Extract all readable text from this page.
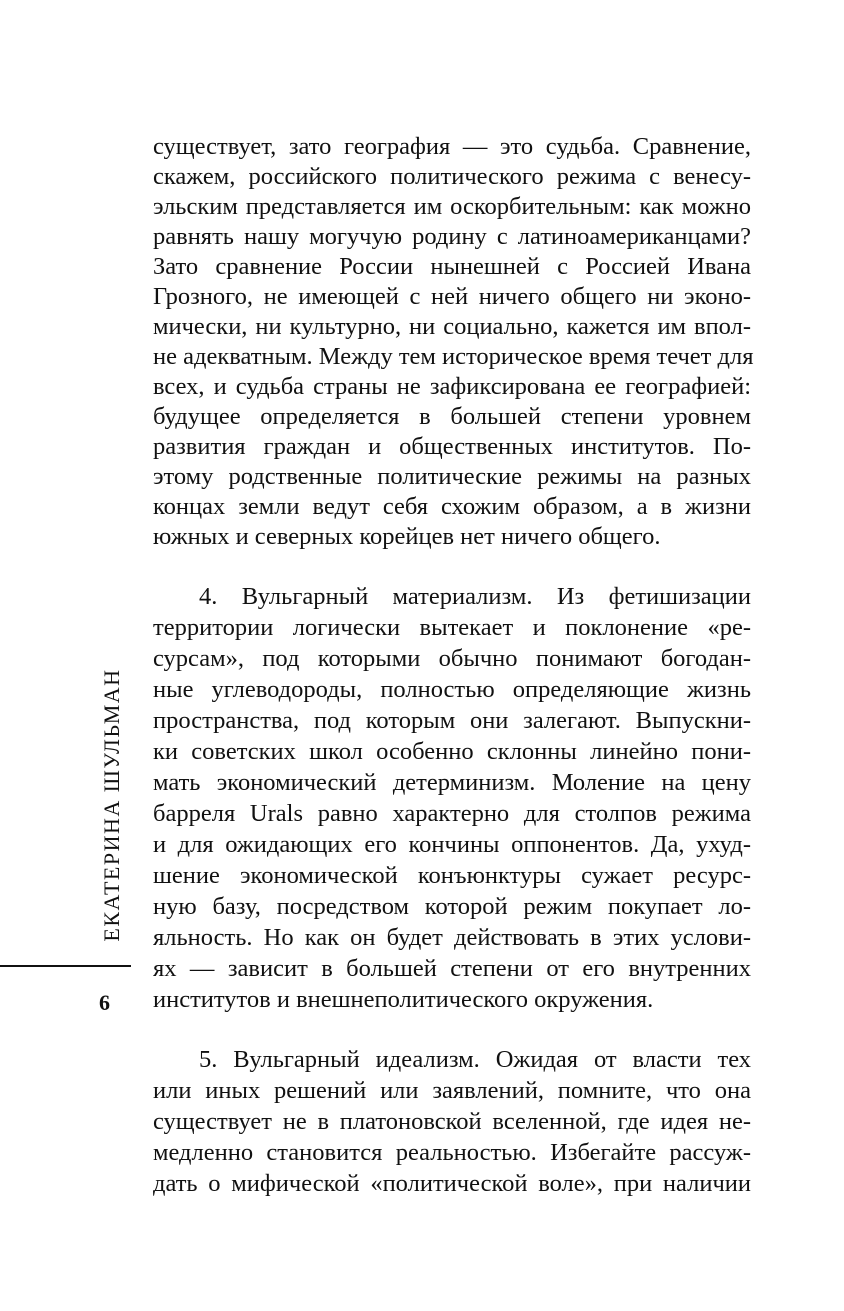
существует, зато география — это судьба. Сравнение,
скажем, российского политического режима с венесу-
эльским представляется им оскорбительным: как можно
равнять нашу могучую родину с латиноамериканцами?
Зато сравнение России нынешней с Россией Ивана
Грозного, не имеющей с ней ничего общего ни эконо-
мически, ни культурно, ни социально, кажется им впол-
не адекватным. Между тем историческое время течет для
всех, и судьба страны не зафиксирована ее географией:
будущее определяется в большей степени уровнем
развития граждан и общественных институтов. По-
этому родственные политические режимы на разных
концах земли ведут себя схожим образом, а в жизни
южных и северных корейцев нет ничего общего.
4. Вульгарный материализм. Из фетишизации
территории логически вытекает и поклонение «ре-
сурсам», под которыми обычно понимают богодан-
ные углеводороды, полностью определяющие жизнь
пространства, под которым они залегают. Выпускни-
ки советских школ особенно склонны линейно пони-
мать экономический детерминизм. Моление на цену
барреля Urals равно характерно для столпов режима
и для ожидающих его кончины оппонентов. Да, ухуд-
шение экономической конъюнктуры сужает ресурс-
ную базу, посредством которой режим покупает ло-
яльность. Но как он будет действовать в этих услови-
ях — зависит в большей степени от его внутренних
институтов и внешнеполитического окружения.
5. Вульгарный идеализм. Ожидая от власти тех
или иных решений или заявлений, помните, что она
существует не в платоновской вселенной, где идея не-
медленно становится реальностью. Избегайте рассуж-
дать о мифической «политической воле», при наличии
ЕКАТЕРИНА ШУЛЬМАН
6
